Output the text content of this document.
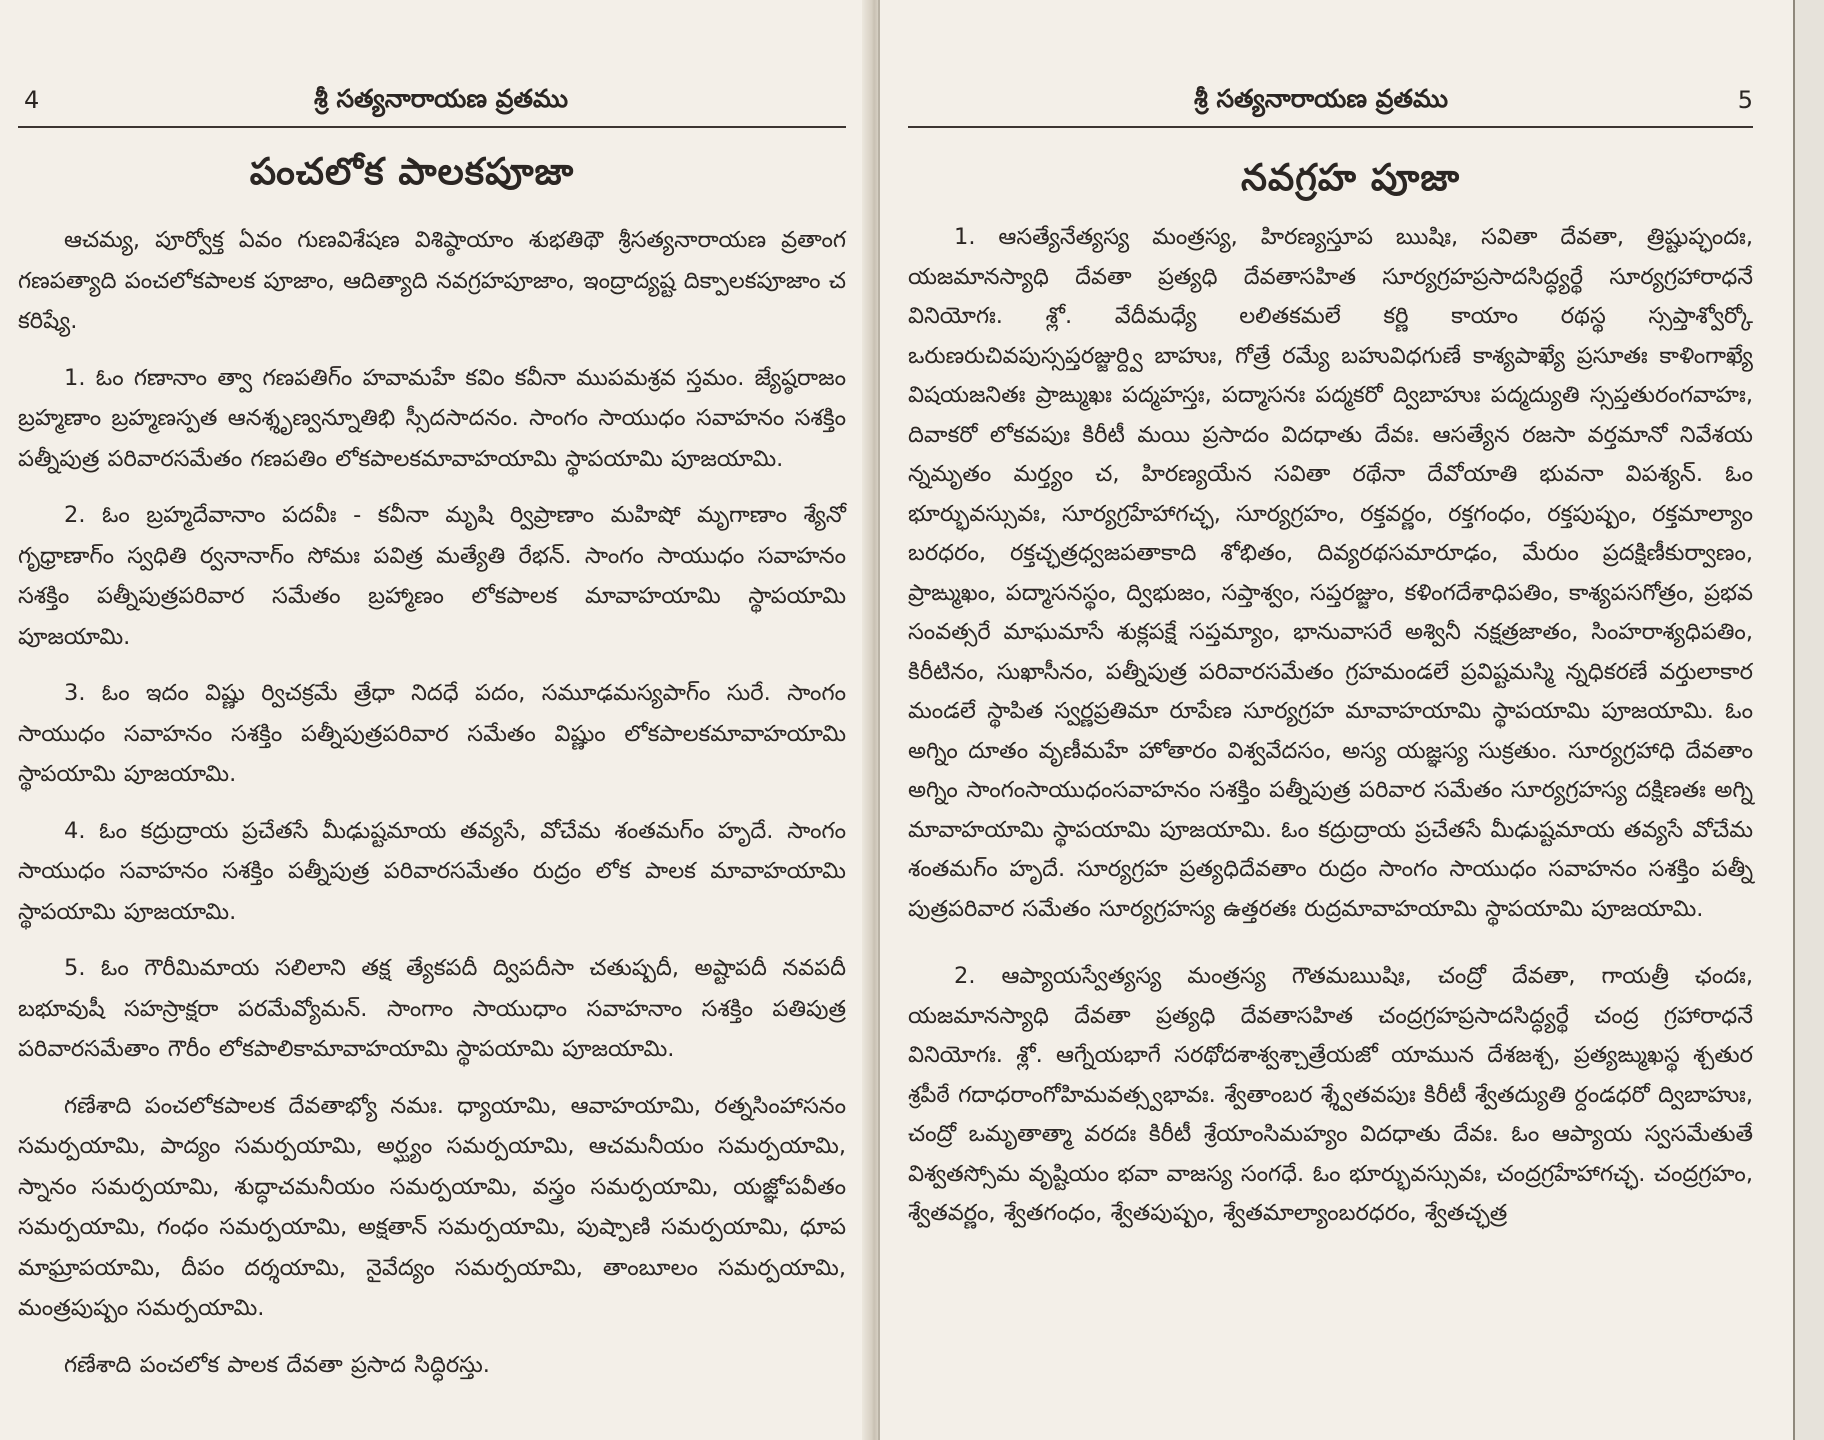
4	శ్రీ సత్యనారాయణ వ్రతము
పంచలోక పాలకపూజా

ఆచమ్య, పూర్వోక్త ఏవం గుణవిశేషణ విశిష్ఠాయాం శుభతిథౌ శ్రీసత్యనారాయణ వ్రతాంగ గణపత్యాది పంచలోకపాలక పూజాం, ఆదిత్యాది నవగ్రహపూజాం, ఇంద్రాద్యష్ట దిక్పాలకపూజాం చ కరిష్యే.

1. ఓం గణానాం త్వా గణపతిగ్ం హవామహే కవిం కవీనా ముపమశ్రవ స్తమం. జ్యేష్ఠరాజం బ్రహ్మణాం బ్రహ్మణస్పత ఆనశ్శృణ్వన్నూతిభి స్సీదసాదనం. సాంగం సాయుధం సవాహనం సశక్తిం పత్నీపుత్ర పరివారసమేతం గణపతిం లోకపాలకమావాహయామి స్థాపయామి పూజయామి.

2. ఓం బ్రహ్మదేవానాం పదవీః - కవీనా మృషి ర్విప్రాణాం మహిషో మృగాణాం శ్యేనో గృధ్రాణాగ్ం స్వధితి ర్వనానాగ్ం సోమః పవిత్ర మత్యేతి రేభన్. సాంగం సాయుధం సవాహనం సశక్తిం పత్నీపుత్రపరివార సమేతం బ్రహ్మాణం లోకపాలక మావాహయామి స్థాపయామి పూజయామి.

3. ఓం ఇదం విష్ణు ర్విచక్రమే త్రేధా నిదధే పదం, సమూఢమస్యపాగ్ం సురే. సాంగం సాయుధం సవాహనం సశక్తిం పత్నీపుత్రపరివార సమేతం విష్ణుం లోకపాలకమావాహయామి స్థాపయామి పూజయామి.

4. ఓం కద్రుద్రాయ ప్రచేతసే మీఢుష్టమాయ తవ్యసే, వోచేమ శంతమగ్ం హృదే. సాంగం సాయుధం సవాహనం సశక్తిం పత్నీపుత్ర పరివారసమేతం రుద్రం లోక పాలక మావాహయామి స్థాపయామి పూజయామి.

5. ఓం గౌరీమిమాయ సలిలాని తక్ష త్యేకపదీ ద్విపదీసా చతుష్పదీ, అష్టాపదీ నవపదీ బభూవుషీ సహస్రాక్షరా పరమేవ్యోమన్. సాంగాం సాయుధాం సవాహనాం సశక్తిం పతిపుత్ర పరివారసమేతాం గౌరీం లోకపాలికామావాహయామి స్థాపయామి పూజయామి.

గణేశాది పంచలోకపాలక దేవతాభ్యో నమః. ధ్యాయామి, ఆవాహయామి, రత్నసింహాసనం సమర్పయామి, పాద్యం సమర్పయామి, అర్ఘ్యం సమర్పయామి, ఆచమనీయం సమర్పయామి, స్నానం సమర్పయామి, శుద్ధాచమనీయం సమర్పయామి, వస్త్రం సమర్పయామి, యజ్ఞోపవీతం సమర్పయామి, గంధం సమర్పయామి, అక్షతాన్ సమర్పయామి, పుష్పాణి సమర్పయామి, ధూప మాఘ్రాపయామి, దీపం దర్శయామి, నైవేద్యం సమర్పయామి, తాంబూలం సమర్పయామి, మంత్రపుష్పం సమర్పయామి.

గణేశాది పంచలోక పాలక దేవతా ప్రసాద సిద్ధిరస్తు.

శ్రీ సత్యనారాయణ వ్రతము	5
నవగ్రహ పూజా

1. ఆసత్యేనేత్యస్య మంత్రస్య, హిరణ్యస్తూప ఋషిః, సవితా దేవతా, త్రిష్టుప్ఛందః, యజమానస్యాధి దేవతా ప్రత్యధి దేవతాసహిత సూర్యగ్రహప్రసాదసిద్ధ్యర్థే సూర్యగ్రహారాధనే వినియోగః. శ్లో. వేదీమధ్యే లలితకమలే కర్ణి కాయాం రథస్థ స్సప్తాశ్వోర్కో ఒరుణరుచివపుస్సప్తరజ్జుర్ద్వి బాహుః, గోత్రే రమ్యే బహువిధగుణే కాశ్యపాఖ్యే ప్రసూతః కాళింగాఖ్యే విషయజనితః ప్రాఙ్ముఖః పద్మహస్తః, పద్మాసనః పద్మకరో ద్విబాహుః పద్మద్యుతి స్సప్తతురంగవాహః, దివాకరో లోకవపుః కిరీటీ మయి ప్రసాదం విదధాతు దేవః. ఆసత్యేన రజసా వర్తమానో నివేశయ న్నమృతం మర్త్యం చ, హిరణ్యయేన సవితా రథేనా దేవోయాతి భువనా విపశ్యన్. ఓం భూర్భువస్సువః, సూర్యగ్రహేహాగచ్ఛ, సూర్యగ్రహం, రక్తవర్ణం, రక్తగంధం, రక్తపుష్పం, రక్తమాల్యాం బరధరం, రక్తచ్ఛత్రధ్వజపతాకాది శోభితం, దివ్యరథసమారూఢం, మేరుం ప్రదక్షిణీకుర్వాణం, ప్రాఙ్ముఖం, పద్మాసనస్థం, ద్విభుజం, సప్తాశ్వం, సప్తరజ్జుం, కళింగదేశాధిపతిం, కాశ్యపసగోత్రం, ప్రభవ సంవత్సరే మాఘమాసే శుక్లపక్షే సప్తమ్యాం, భానువాసరే అశ్వినీ నక్షత్రజాతం, సింహరాశ్యధిపతిం, కిరీటినం, సుఖాసీనం, పత్నీపుత్ర పరివారసమేతం గ్రహమండలే ప్రవిష్టమస్మి న్నధికరణే వర్తులాకార మండలే స్థాపిత స్వర్ణప్రతిమా రూపేణ సూర్యగ్రహ మావాహయామి స్థాపయామి పూజయామి. ఓం అగ్నిం దూతం వృణీమహే హోతారం విశ్వవేదసం, అస్య యజ్ఞస్య సుక్రతుం. సూర్యగ్రహాధి దేవతాం అగ్నిం సాంగంసాయుధంసవాహనం సశక్తిం పత్నీపుత్ర పరివార సమేతం సూర్యగ్రహస్య దక్షిణతః అగ్ని మావాహయామి స్థాపయామి పూజయామి. ఓం కద్రుద్రాయ ప్రచేతసే మీఢుష్టమాయ తవ్యసే వోచేమ శంతమగ్ం హృదే. సూర్యగ్రహ ప్రత్యధిదేవతాం రుద్రం సాంగం సాయుధం సవాహనం సశక్తిం పత్నీ పుత్రపరివార సమేతం సూర్యగ్రహస్య ఉత్తరతః రుద్రమావాహయామి స్థాపయామి పూజయామి.

2. ఆప్యాయస్వేత్యస్య మంత్రస్య గౌతమఋషిః, చంద్రో దేవతా, గాయత్రీ ఛందః, యజమానస్యాధి దేవతా ప్రత్యధి దేవతాసహిత చంద్రగ్రహప్రసాదసిద్ధ్యర్థే చంద్ర గ్రహారాధనే వినియోగః. శ్లో. ఆగ్నేయభాగే సరథోదశాశ్వశ్చాత్రేయజో యామున దేశజశ్చ, ప్రత్యఙ్ముఖస్థ శ్చతుర శ్రపీఠే గదాధరాంగోహిమవత్స్వభావః. శ్వేతాంబర శ్శ్వేతవపుః కిరీటీ శ్వేతద్యుతి ర్దండధరో ద్విబాహుః, చంద్రో ఒమృతాత్మా వరదః కిరీటీ శ్రేయాంసిమహ్యం విదధాతు దేవః. ఓం ఆప్యాయ స్వసమేతుతే విశ్వతస్సోమ వృష్టియం భవా వాజస్య సంగధే. ఓం భూర్భువస్సువః, చంద్రగ్రహేహాగచ్ఛ. చంద్రగ్రహం, శ్వేతవర్ణం, శ్వేతగంధం, శ్వేతపుష్పం, శ్వేతమాల్యాంబరధరం, శ్వేతచ్ఛత్ర
